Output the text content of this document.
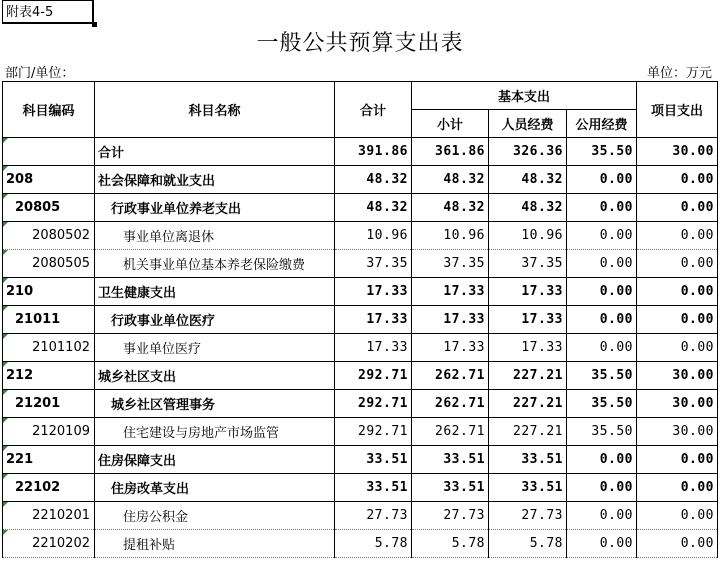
附表4-5
一般公共预算支出表
部门/单位：	单位：万元
科目编码	科目名称	合计	基本支出			项目支出
			小计	人员经费	公用经费	

	合计	391.86	361.86	326.36	35.50	30.00
208	社会保障和就业支出	48.32	48.32	48.32	0.00	0.00
20805	行政事业单位养老支出	48.32	48.32	48.32	0.00	0.00
2080502	事业单位离退休	10.96	10.96	10.96	0.00	0.00
2080505	机关事业单位基本养老保险缴费	37.35	37.35	37.35	0.00	0.00
210	卫生健康支出	17.33	17.33	17.33	0.00	0.00
21011	行政事业单位医疗	17.33	17.33	17.33	0.00	0.00
2101102	事业单位医疗	17.33	17.33	17.33	0.00	0.00
212	城乡社区支出	292.71	262.71	227.21	35.50	30.00
21201	城乡社区管理事务	292.71	262.71	227.21	35.50	30.00
2120109	住宅建设与房地产市场监管	292.71	262.71	227.21	35.50	30.00
221	住房保障支出	33.51	33.51	33.51	0.00	0.00
22102	住房改革支出	33.51	33.51	33.51	0.00	0.00
2210201	住房公积金	27.73	27.73	27.73	0.00	0.00
2210202	提租补贴	5.78	5.78	5.78	0.00	0.00
